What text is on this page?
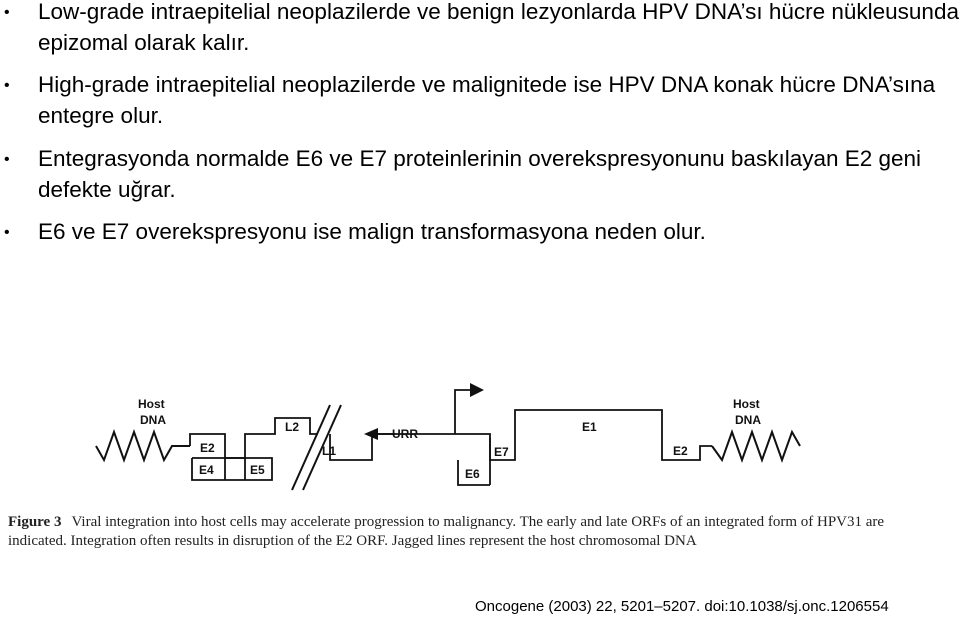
• Low-grade intraepitelial neoplazilerde ve benign lezyonlarda HPV DNA’sı hücre nükleusunda epizomal olarak kalır.
• High-grade intraepitelial neoplazilerde ve malignitede ise HPV DNA konak hücre DNA’sına entegre olur.
• Entegrasyonda normalde E6 ve E7 proteinlerinin overekspresyonunu baskılayan E2 geni defekte uğrar.
• E6 ve E7 overekspresyonu ise malign transformasyona neden olur.
Host
DNA
Host
DNA
E2
E4	E5
L2
L1
URR
E7
E6
E1
E2
Figure 3 Viral integration into host cells may accelerate progression to malignancy. The early and late ORFs of an integrated form of HPV31 are indicated. Integration often results in disruption of the E2 ORF. Jagged lines represent the host chromosomal DNA
Oncogene (2003) 22, 5201–5207. doi:10.1038/sj.onc.1206554
